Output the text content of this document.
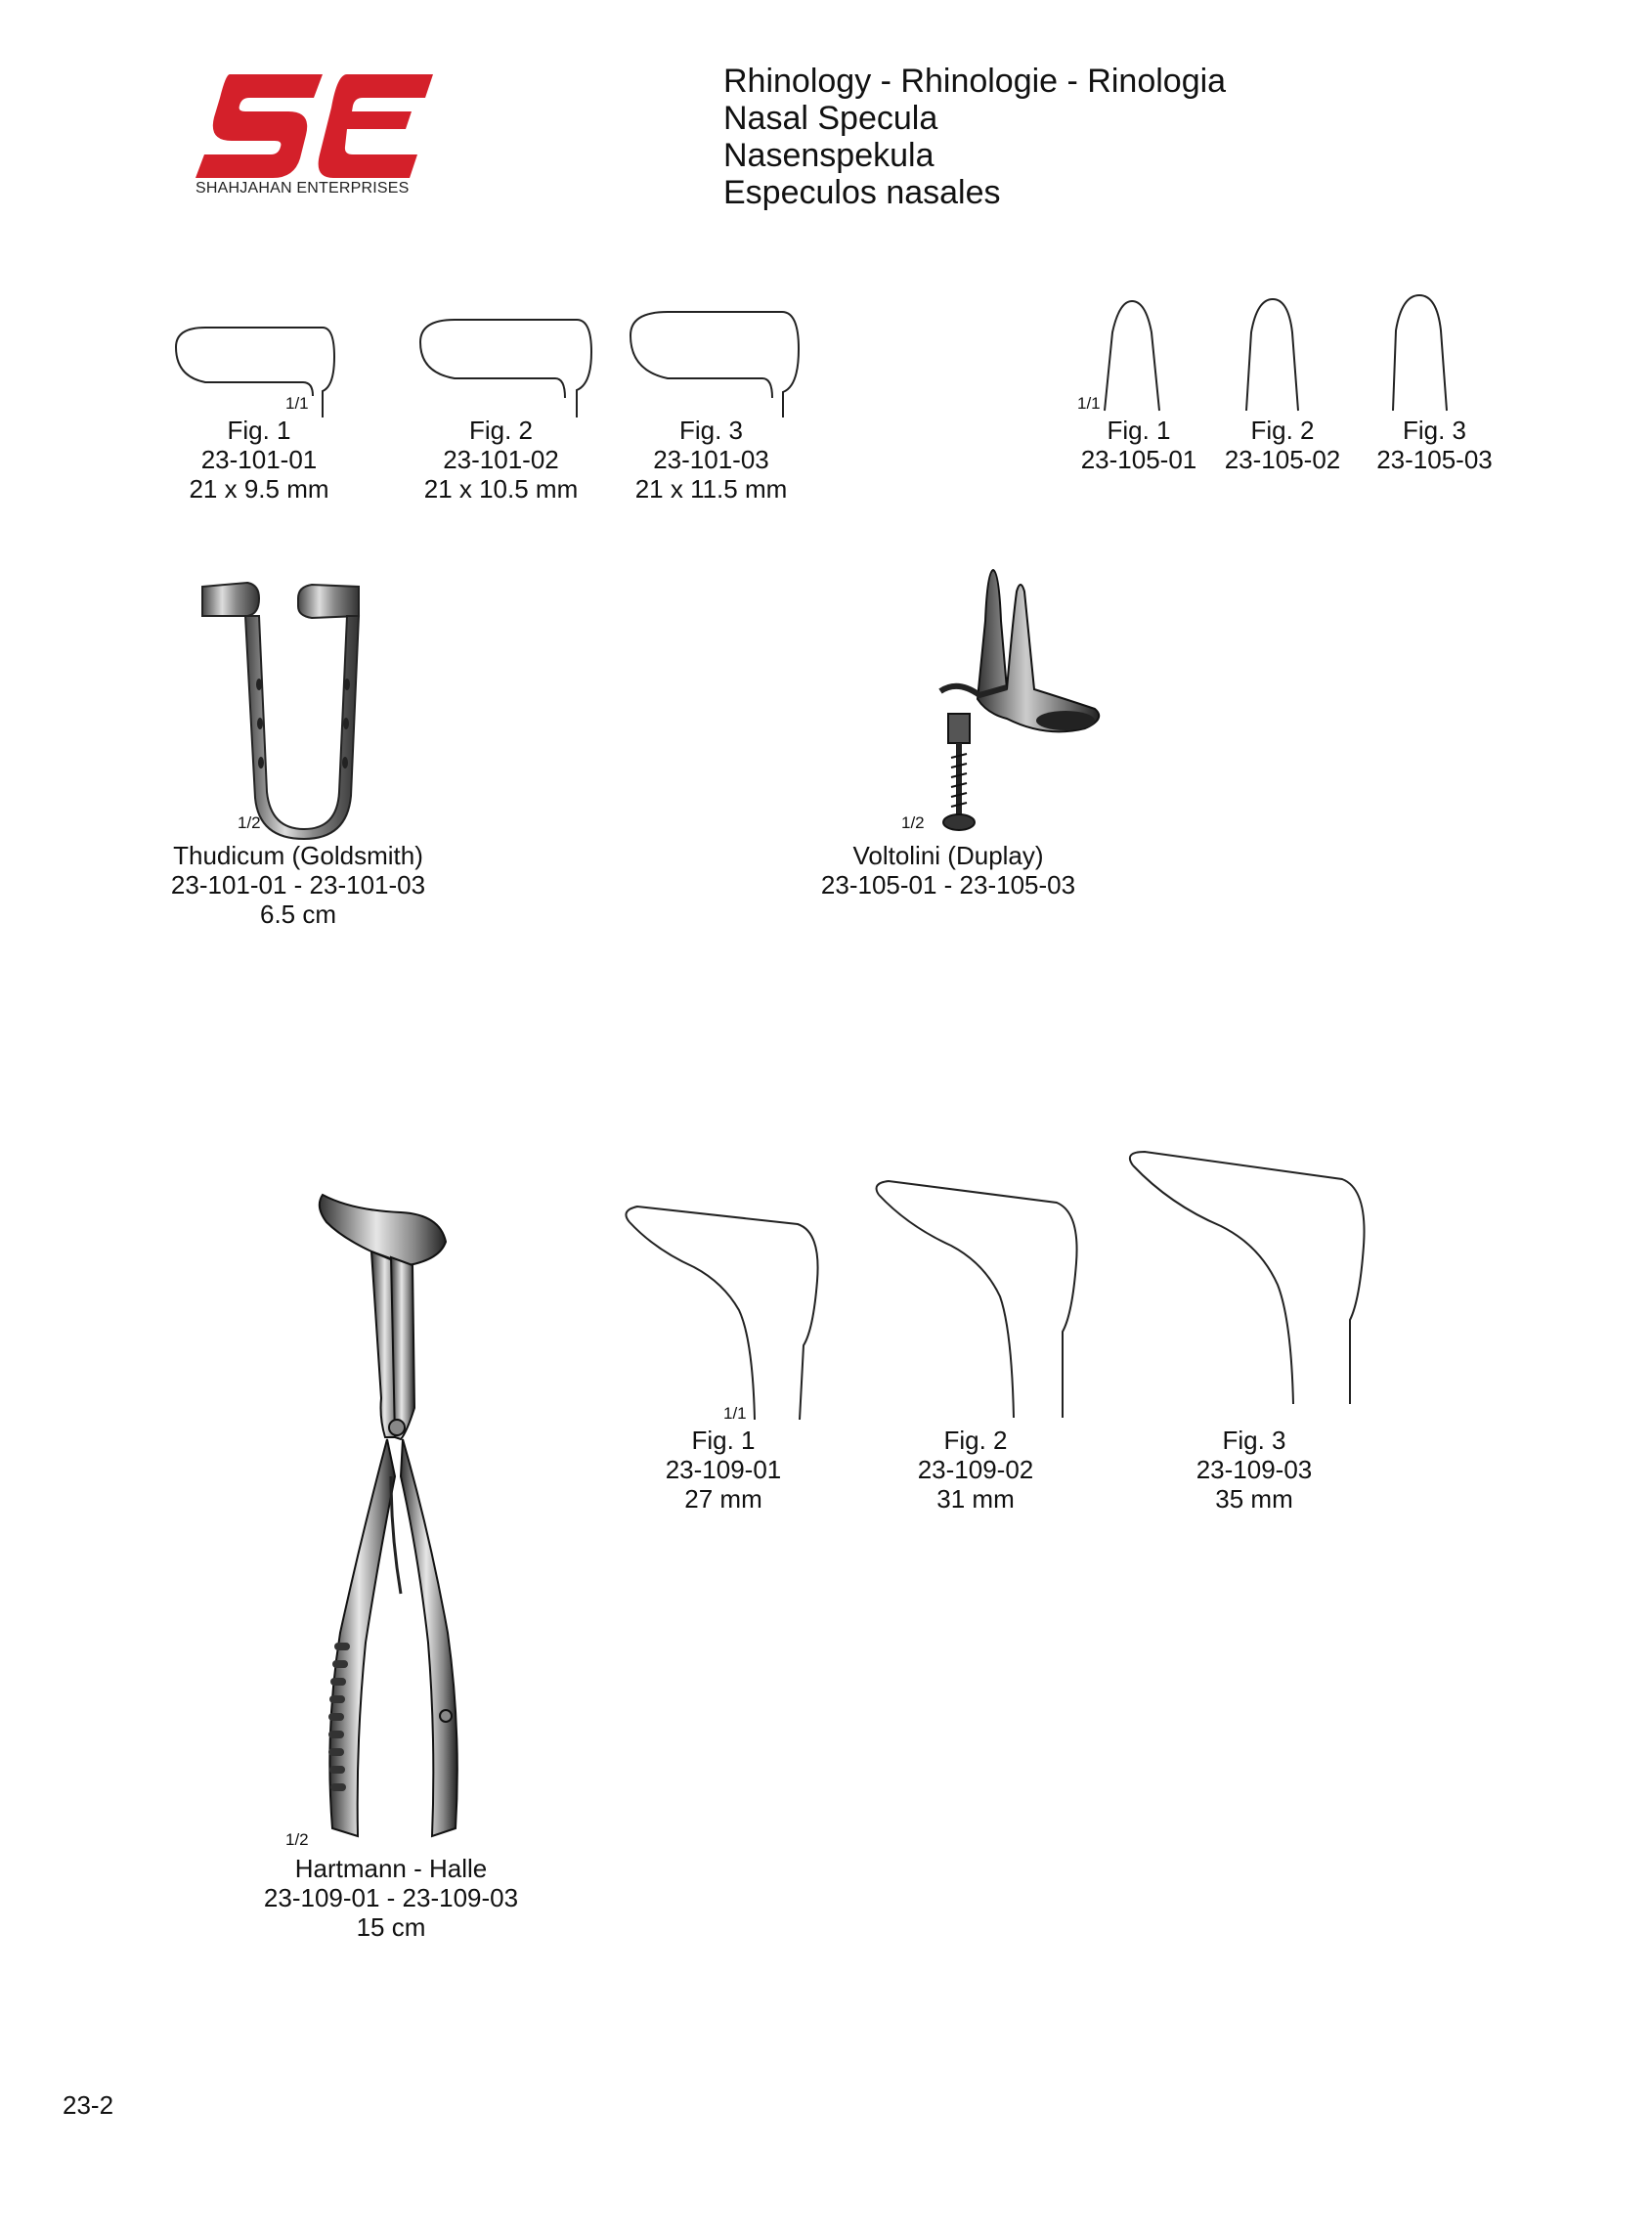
SHAHJAHAN ENTERPRISES
Rhinology - Rhinologie - Rinologia
Nasal Specula
Nasenspekula
Especulos nasales
1/1
Fig. 1
23-101-01
21 x 9.5 mm
Fig. 2
23-101-02
21 x 10.5 mm
Fig. 3
23-101-03
21 x 11.5 mm
1/1
Fig. 1
23-105-01
Fig. 2
23-105-02
Fig. 3
23-105-03
1/2
Thudicum (Goldsmith)
23-101-01 - 23-101-03
6.5 cm
1/2
Voltolini (Duplay)
23-105-01 - 23-105-03
1/2
Hartmann - Halle
23-109-01 - 23-109-03
15 cm
1/1
Fig. 1
23-109-01
27 mm
Fig. 2
23-109-02
31 mm
Fig. 3
23-109-03
35 mm
23-2
